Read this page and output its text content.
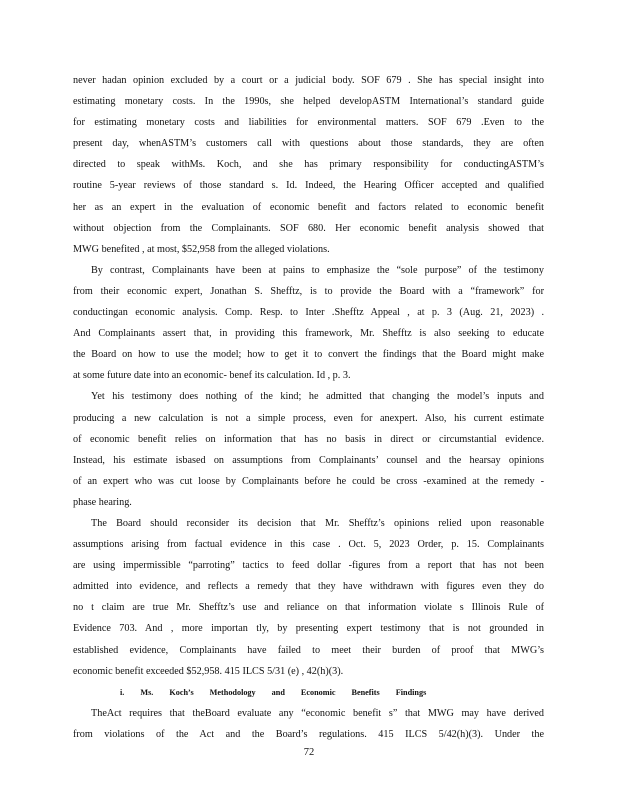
never hadan opinion excluded by a court or a judicial body. SOF 679 . She has special insight into
estimating monetary costs. In the 1990s, she helped developASTM International’s standard guide
for estimating monetary costs and liabilities for environmental matters. SOF 679 .Even to the
present day, whenASTM’s customers call with questions about those standards, they are often
directed to speak withMs. Koch, and she has primary responsibility for conductingASTM’s
routine 5-year reviews of those standard s. Id. Indeed, the Hearing Officer accepted and qualified
her as an expert in the evaluation of economic benefit and factors related to economic benefit
without objection from the Complainants. SOF 680. Her economic benefit analysis showed that
MWG benefited , at most, $52,958 from the alleged violations.
By contrast, Complainants have been at pains to emphasize the “sole purpose” of the testimony
from their economic expert, Jonathan S. Shefftz, is to provide the Board with a “framework” for
conductingan economic analysis. Comp. Resp. to Inter .Shefftz Appeal , at p. 3 (Aug. 21, 2023) .
And Complainants assert that, in providing this framework, Mr. Shefftz is also seeking to educate
the Board on how to use the model; how to get it to convert the findings that the Board might make
at some future date into an economic- benef its calculation. Id , p. 3.
Yet his testimony does nothing of the kind; he admitted that changing the model’s inputs and
producing a new calculation is not a simple process, even for anexpert. Also, his current estimate
of economic benefit relies on information that has no basis in direct or circumstantial evidence.
Instead, his estimate isbased on assumptions from Complainants’ counsel and the hearsay opinions
of an expert who was cut loose by Complainants before he could be cross -examined at the remedy -
phase hearing.
The Board should reconsider its decision that Mr. Shefftz’s opinions relied upon reasonable
assumptions arising from factual evidence in this case . Oct. 5, 2023 Order, p. 15. Complainants
are using impermissible “parroting” tactics to feed dollar -figures from a report that has not been
admitted into evidence, and reflects a remedy that they have withdrawn with figures even they do
no t claim are true Mr. Shefftz’s use and reliance on that information violate s Illinois Rule of
Evidence 703. And , more importan tly, by presenting expert testimony that is not grounded in
established evidence, Complainants have failed to meet their burden of proof that MWG’s
economic benefit exceeded $52,958. 415 ILCS 5/31 (e) , 42(h)(3).
i. Ms. Koch’s Methodology and Economic Benefits Findings
TheAct requires that theBoard evaluate any “economic benefit s” that MWG may have derived
from violations of the Act and the Board’s regulations. 415 ILCS 5/42(h)(3). Under the
72
